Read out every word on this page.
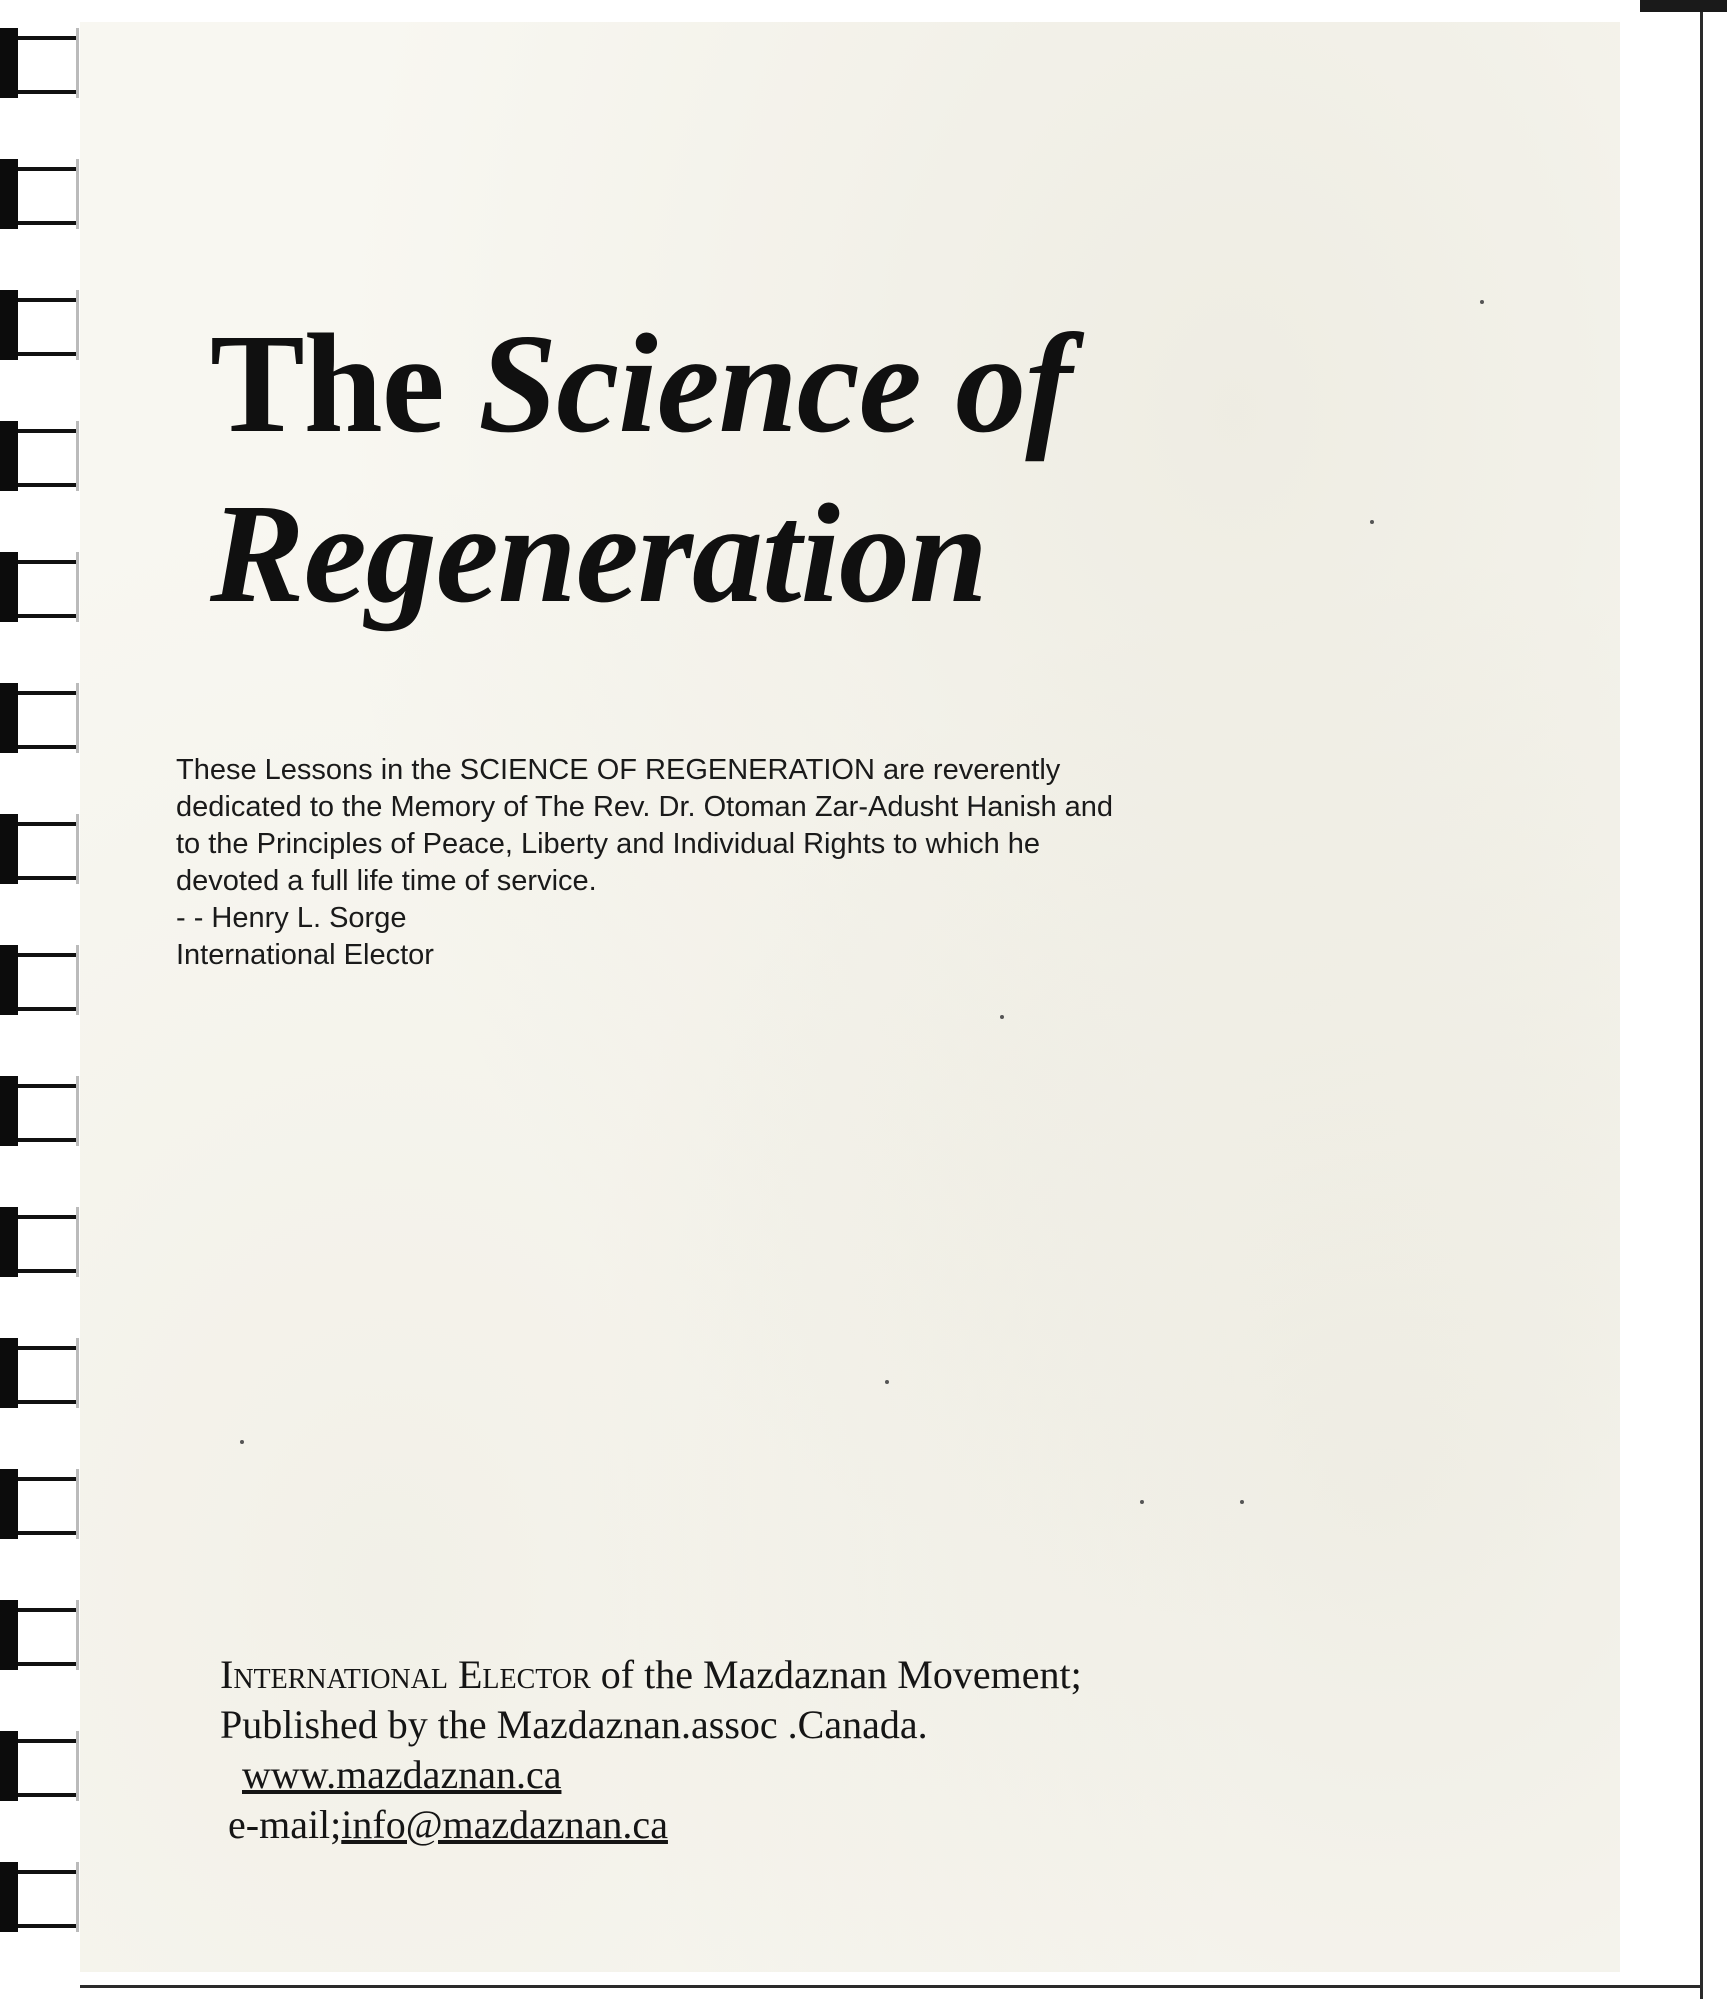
The Science of
Regeneration
These Lessons in the SCIENCE OF REGENERATION are reverently
dedicated to the Memory of The Rev. Dr. Otoman Zar-Adusht Hanish and
to the Principles of Peace, Liberty and Individual Rights to which he
devoted a full life time of service.
- - Henry L. Sorge
International Elector
International Elector of the Mazdaznan Movement;
Published by the Mazdaznan.assoc .Canada.
www.mazdaznan.ca
e-mail;info@mazdaznan.ca
